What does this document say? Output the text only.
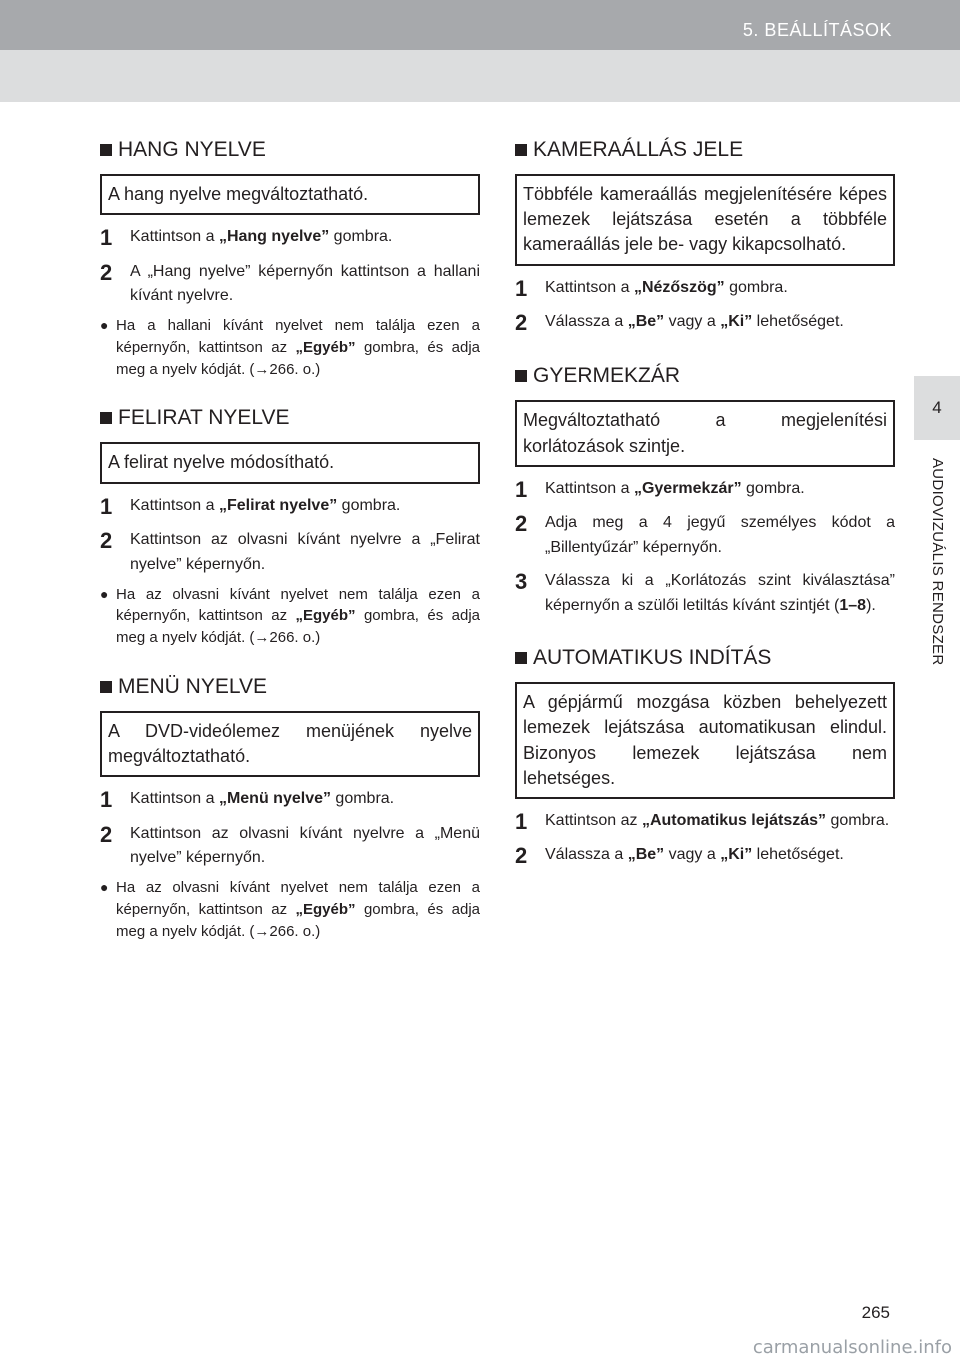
5. BEÁLLÍTÁSOK
4
AUDIOVIZUÁLIS RENDSZER
HANG NYELVE
A hang nyelve megváltoztatható.
1	Kattintson a „Hang nyelve” gombra.
2	A „Hang nyelve” képernyőn kattintson a hallani kívánt nyelvre.
● Ha a hallani kívánt nyelvet nem találja ezen a képernyőn, kattintson az „Egyéb” gombra, és adja meg a nyelv kódját. (→266. o.)
FELIRAT NYELVE
A felirat nyelve módosítható.
1	Kattintson a „Felirat nyelve” gombra.
2	Kattintson az olvasni kívánt nyelvre a „Felirat nyelve” képernyőn.
● Ha az olvasni kívánt nyelvet nem találja ezen a képernyőn, kattintson az „Egyéb” gombra, és adja meg a nyelv kódját. (→266. o.)
MENÜ NYELVE
A DVD-videólemez menüjének nyelve megváltoztatható.
1	Kattintson a „Menü nyelve” gombra.
2	Kattintson az olvasni kívánt nyelvre a „Menü nyelve” képernyőn.
● Ha az olvasni kívánt nyelvet nem találja ezen a képernyőn, kattintson az „Egyéb” gombra, és adja meg a nyelv kódját. (→266. o.)
KAMERAÁLLÁS JELE
Többféle kameraállás megjelenítésére képes lemezek lejátszása esetén a többféle kameraállás jele be- vagy kikapcsolható.
1	Kattintson a „Nézőszög” gombra.
2	Válassza a „Be” vagy a „Ki” lehetőséget.
GYERMEKZÁR
Megváltoztatható a megjelenítési korlátozások szintje.
1	Kattintson a „Gyermekzár” gombra.
2	Adja meg a 4 jegyű személyes kódot a „Billentyűzár” képernyőn.
3	Válassza ki a „Korlátozás szint kiválasztása” képernyőn a szülői letiltás kívánt szintjét (1–8).
AUTOMATIKUS INDÍTÁS
A gépjármű mozgása közben behelyezett lemezek lejátszása automatikusan elindul. Bizonyos lemezek lejátszása nem lehetséges.
1	Kattintson az „Automatikus lejátszás” gombra.
2	Válassza a „Be” vagy a „Ki” lehetőséget.
265
carmanualsonline.info
